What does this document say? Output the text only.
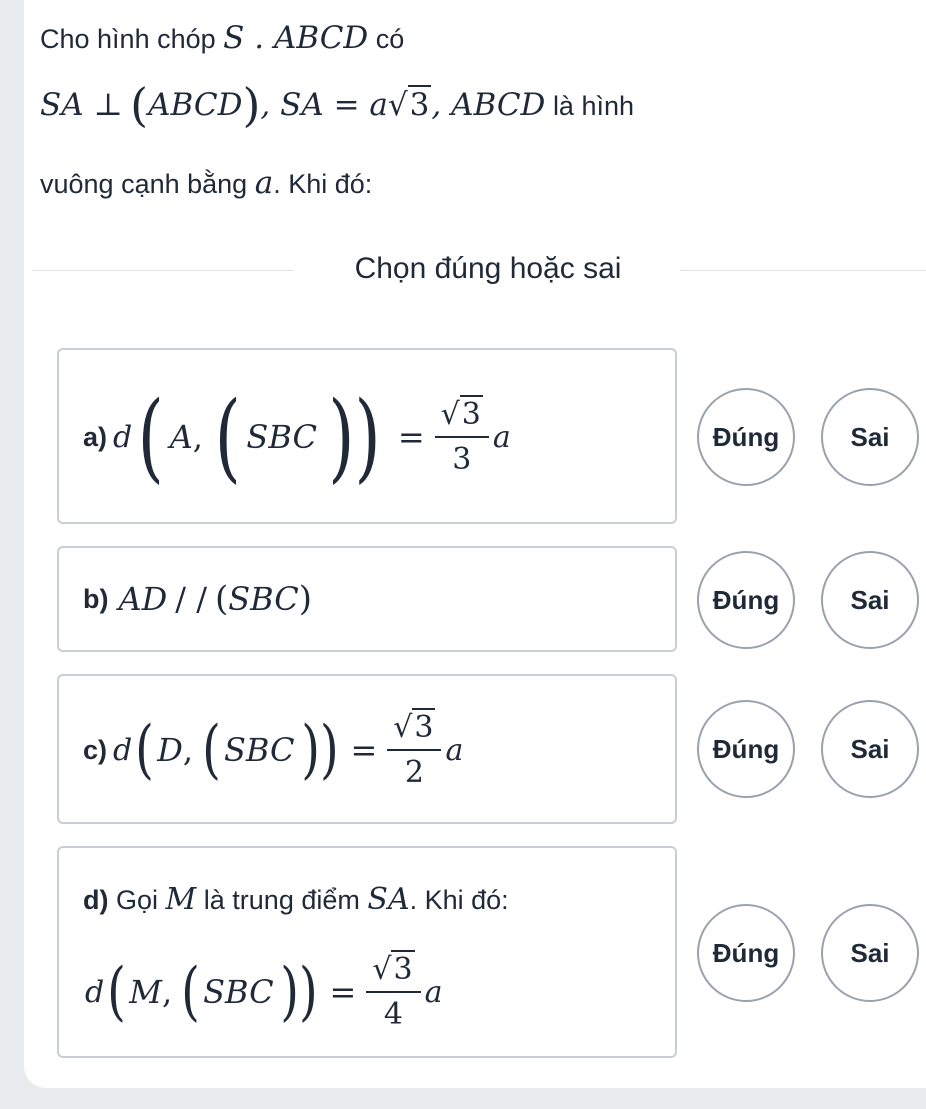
Cho hình chóp S . ABCD có
SA ⊥ (ABCD), SA = a√3, ABCD là hình
vuông cạnh bằng a. Khi đó:
Chọn đúng hoặc sai
a) d ( A , ( SBC )) = $\frac{√3}{3}$ a	Đúng	Sai
b) AD / / ( SBC )	Đúng	Sai
c) d ( D , ( SBC )) = $\frac{√3}{2}$ a	Đúng	Sai
d) Gọi M là trung điểm SA. Khi đó:
d ( M , ( SBC )) = $\frac{√3}{4}$ a
Đúng	Sai
